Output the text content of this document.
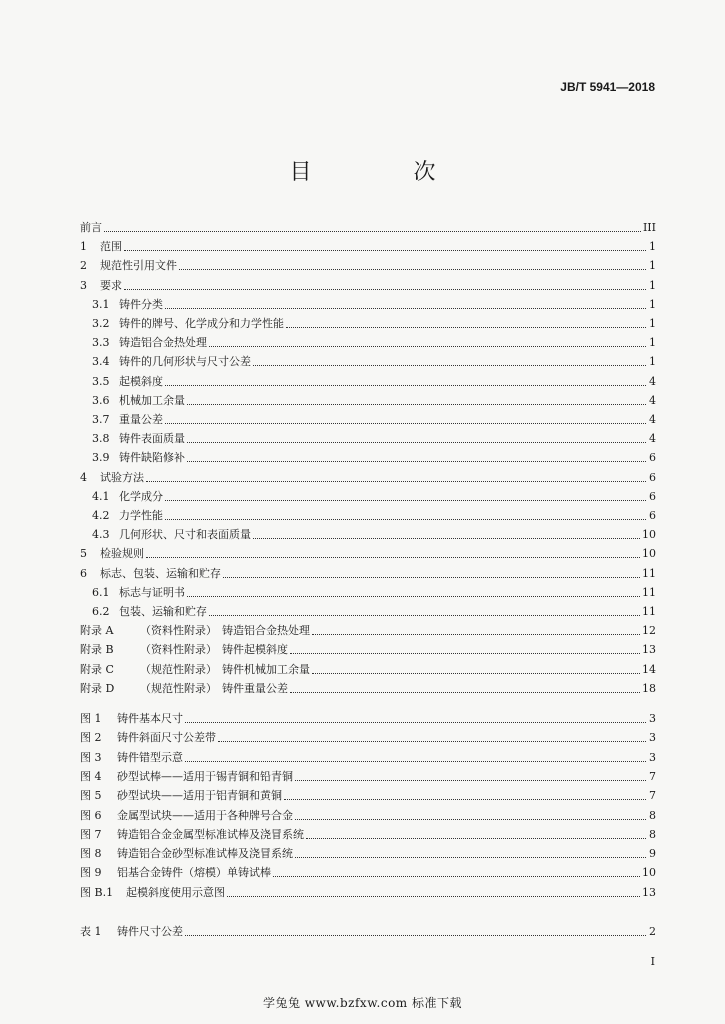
JB/T 5941—2018
目　次
前言	III
1	范围	1
2	规范性引用文件	1
3	要求	1
3.1 铸件分类	1
3.2 铸件的牌号、化学成分和力学性能	1
3.3 铸造铝合金热处理	1
3.4 铸件的几何形状与尺寸公差	1
3.5 起模斜度	4
3.6 机械加工余量	4
3.7 重量公差	4
3.8 铸件表面质量	4
3.9 铸件缺陷修补	6
4	试验方法	6
4.1 化学成分	6
4.2 力学性能	6
4.3 几何形状、尺寸和表面质量	10
5	检验规则	10
6	标志、包装、运输和贮存	11
6.1 标志与证明书	11
6.2 包装、运输和贮存	11
附录 A	（资料性附录） 铸造铝合金热处理	12
附录 B	（资料性附录） 铸件起模斜度	13
附录 C	（规范性附录） 铸件机械加工余量	14
附录 D	（规范性附录） 铸件重量公差	18
图 1	铸件基本尺寸	3
图 2	铸件斜面尺寸公差带	3
图 3	铸件错型示意	3
图 4	砂型试棒——适用于锡青铜和铅青铜	7
图 5	砂型试块——适用于铝青铜和黄铜	7
图 6	金属型试块——适用于各种牌号合金	8
图 7	铸造铝合金金属型标准试棒及浇冒系统	8
图 8	铸造铝合金砂型标准试棒及浇冒系统	9
图 9	铝基合金铸件（熔模）单铸试棒	10
图 B.1	起模斜度使用示意图	13
表 1	铸件尺寸公差	2
I
学兔兔 www.bzfxw.com 标准下载
